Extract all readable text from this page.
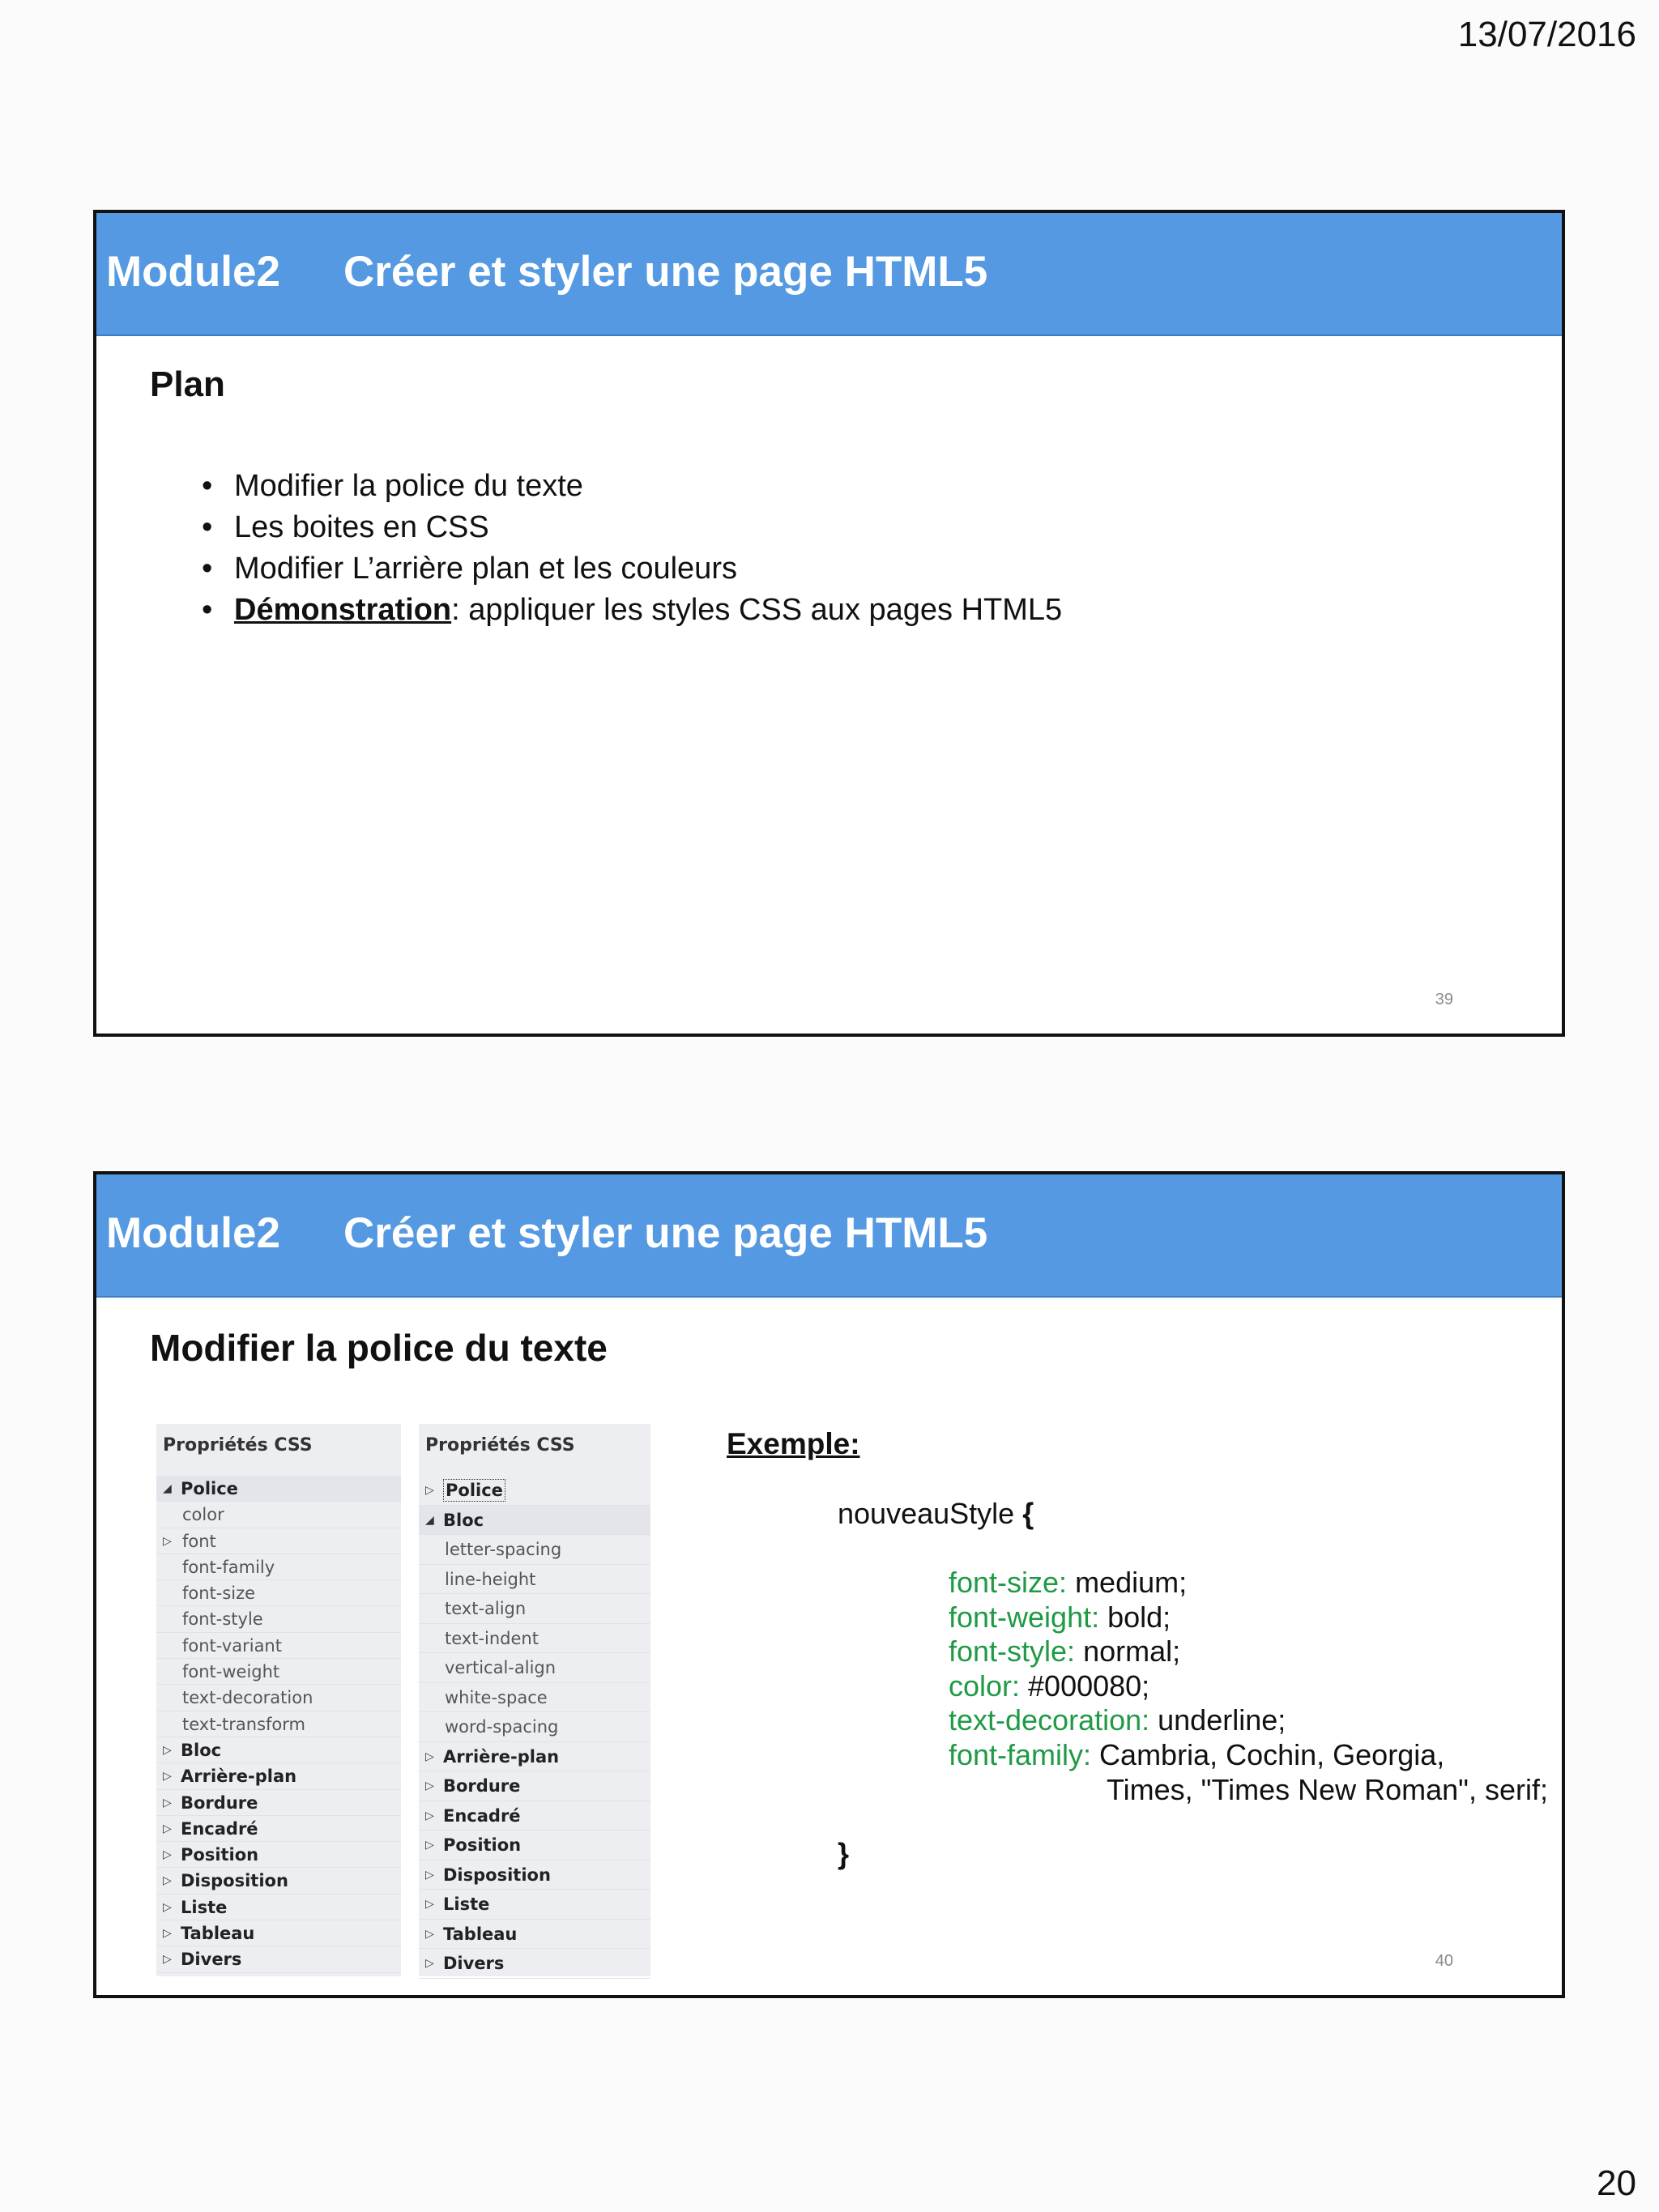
13/07/2016
Module2 Créer et styler une page HTML5
Plan
• Modifier la police du texte
• Les boites en CSS
• Modifier L’arrière plan et les couleurs
• Démonstration: appliquer les styles CSS aux pages HTML5
39
Module2 Créer et styler une page HTML5
Modifier la police du texte
Propriétés CSS
◢ Police
color
▷ font
font-family
font-size
font-style
font-variant
font-weight
text-decoration
text-transform
▷ Bloc
▷ Arrière-plan
▷ Bordure
▷ Encadré
▷ Position
▷ Disposition
▷ Liste
▷ Tableau
▷ Divers
Propriétés CSS
▷ Police
◢ Bloc
letter-spacing
line-height
text-align
text-indent
vertical-align
white-space
word-spacing
▷ Arrière-plan
▷ Bordure
▷ Encadré
▷ Position
▷ Disposition
▷ Liste
▷ Tableau
▷ Divers
Exemple:
nouveauStyle {
font-size: medium;
font-weight: bold;
font-style: normal;
color: #000080;
text-decoration: underline;
font-family: Cambria, Cochin, Georgia,
Times, "Times New Roman", serif;
}
40
20
